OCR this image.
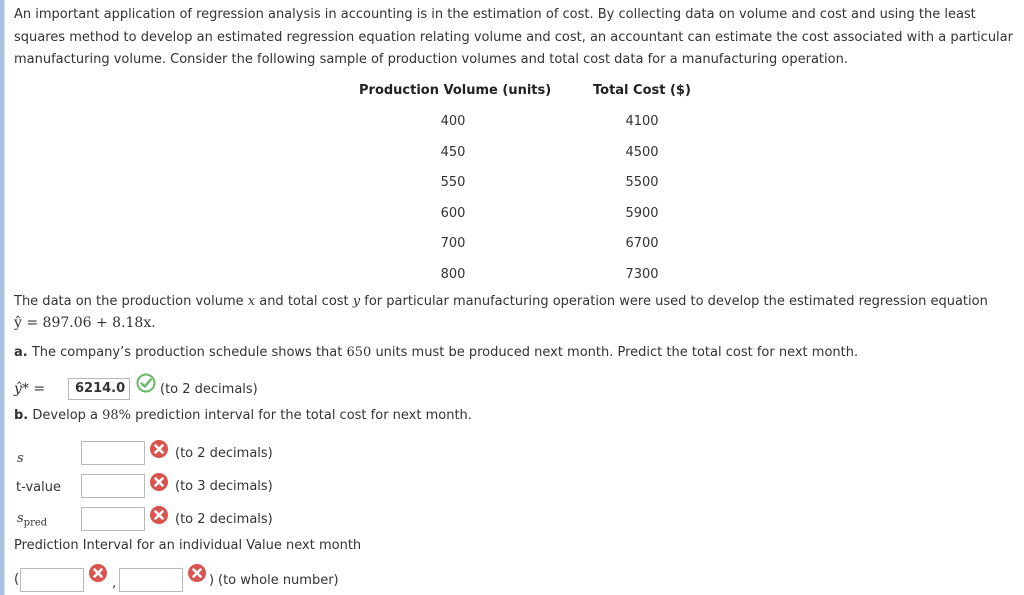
An important application of regression analysis in accounting is in the estimation of cost. By collecting data on volume and cost and using the least squares method to develop an estimated regression equation relating volume and cost, an accountant can estimate the cost associated with a particular manufacturing volume. Consider the following sample of production volumes and total cost data for a manufacturing operation.
Production Volume (units)	Total Cost ($)
400	4100
450	4500
550	5500
600	5900
700	6700
800	7300
The data on the production volume x and total cost y for particular manufacturing operation were used to develop the estimated regression equation
ŷ = 897.06 + 8.18x.
a. The company’s production schedule shows that 650 units must be produced next month. Predict the total cost for next month.
ŷ* =	6214.0	(to 2 decimals)
b. Develop a 98% prediction interval for the total cost for next month.
s	(to 2 decimals)
t-value	(to 3 decimals)
$s_{pred}$	(to 2 decimals)
Prediction Interval for an individual Value next month
(	,	) (to whole number)
